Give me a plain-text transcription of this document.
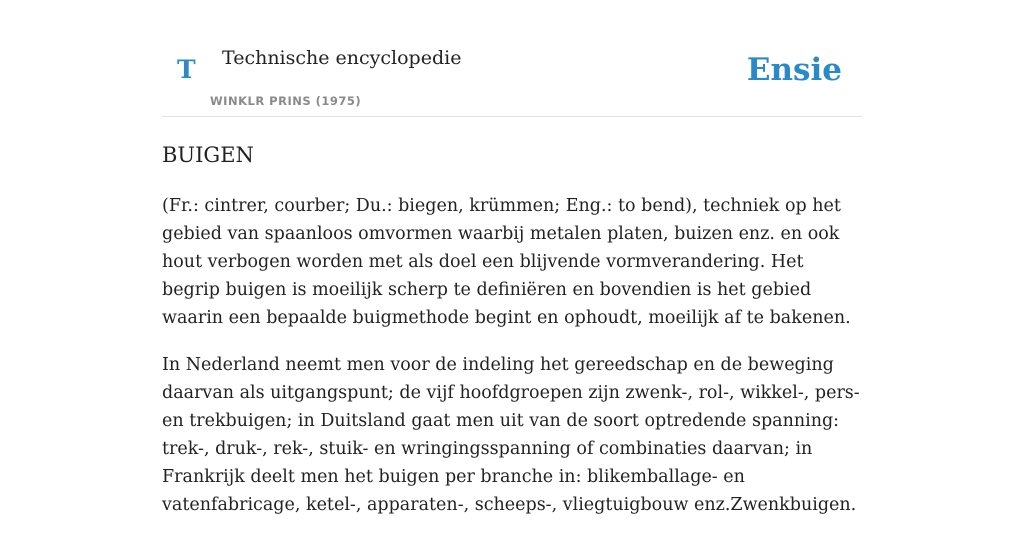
T Technische encyclopedie
WINKLR PRINS (1975)
Ensie
BUIGEN

(Fr.: cintrer, courber; Du.: biegen, krümmen; Eng.: to bend), techniek op het gebied van spaanloos omvormen waarbij metalen platen, buizen enz. en ook hout verbogen worden met als doel een blijvende vormverandering. Het begrip buigen is moeilijk scherp te definiëren en bovendien is het gebied waarin een bepaalde buigmethode begint en ophoudt, moeilijk af te bakenen.

In Nederland neemt men voor de indeling het gereedschap en de beweging daarvan als uitgangspunt; de vijf hoofdgroepen zijn zwenk-, rol-, wikkel-, pers- en trekbuigen; in Duitsland gaat men uit van de soort optredende spanning: trek-, druk-, rek-, stuik- en wringingsspanning of combinaties daarvan; in Frankrijk deelt men het buigen per branche in: blikemballage- en vatenfabricage, ketel-, apparaten-, scheeps-, vliegtuigbouw enz.Zwenkbuigen.
